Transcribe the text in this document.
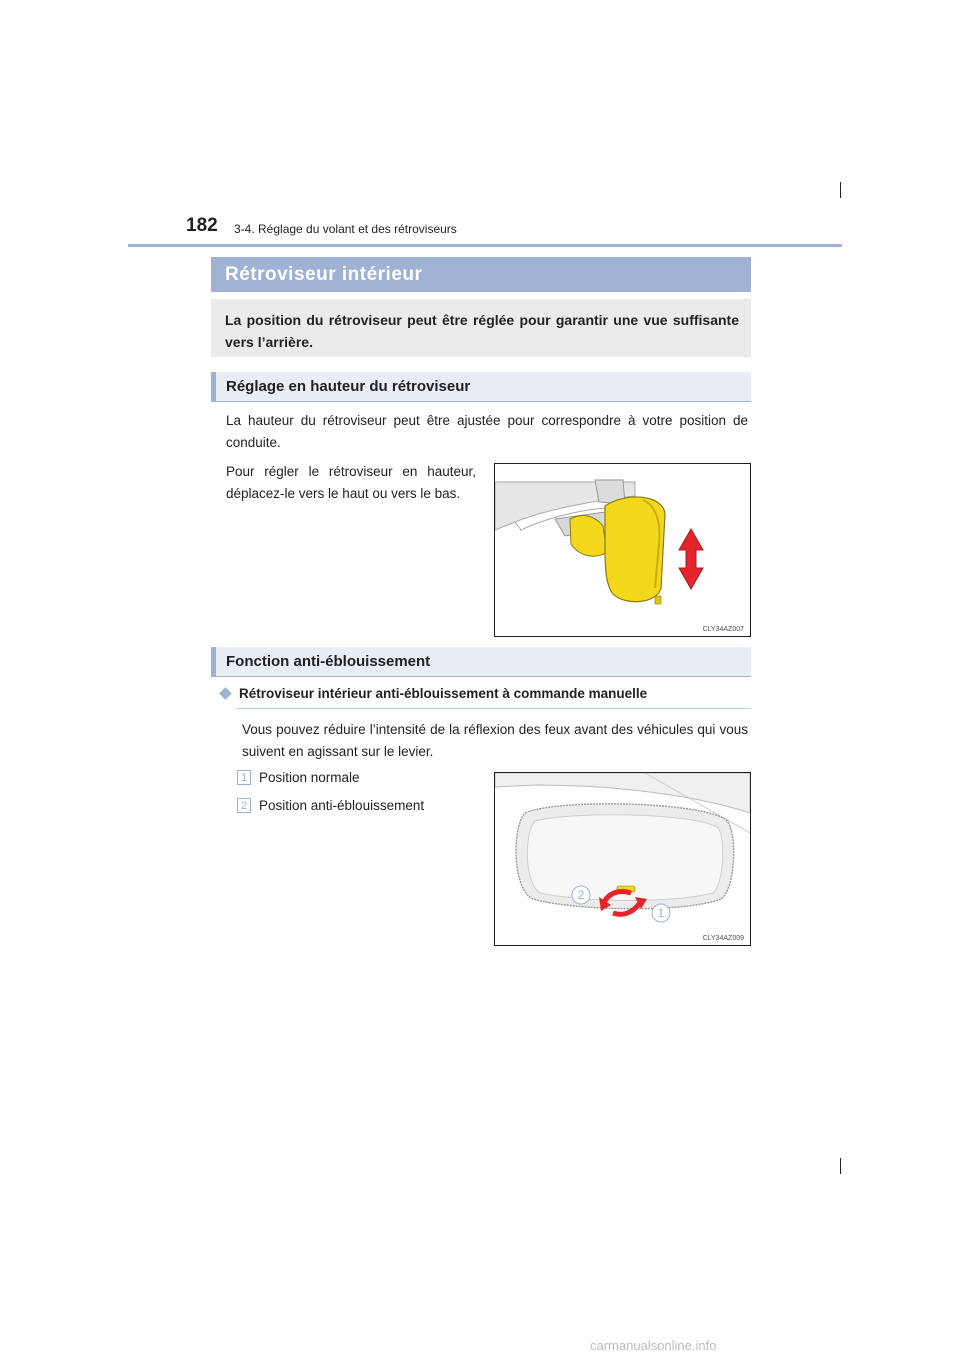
182 3-4. Réglage du volant et des rétroviseurs
Rétroviseur intérieur
La position du rétroviseur peut être réglée pour garantir une vue suffisante vers l’arrière.
Réglage en hauteur du rétroviseur
La hauteur du rétroviseur peut être ajustée pour correspondre à votre position de conduite.
Pour régler le rétroviseur en hauteur, déplacez-le vers le haut ou vers le bas.
CLY34AZ007
Fonction anti-éblouissement
Rétroviseur intérieur anti-éblouissement à commande manuelle
Vous pouvez réduire l’intensité de la réflexion des feux avant des véhicules qui vous suivent en agissant sur le levier.
1 Position normale
2 Position anti-éblouissement
2
1
CLY34AZ009
carmanualsonline.info
